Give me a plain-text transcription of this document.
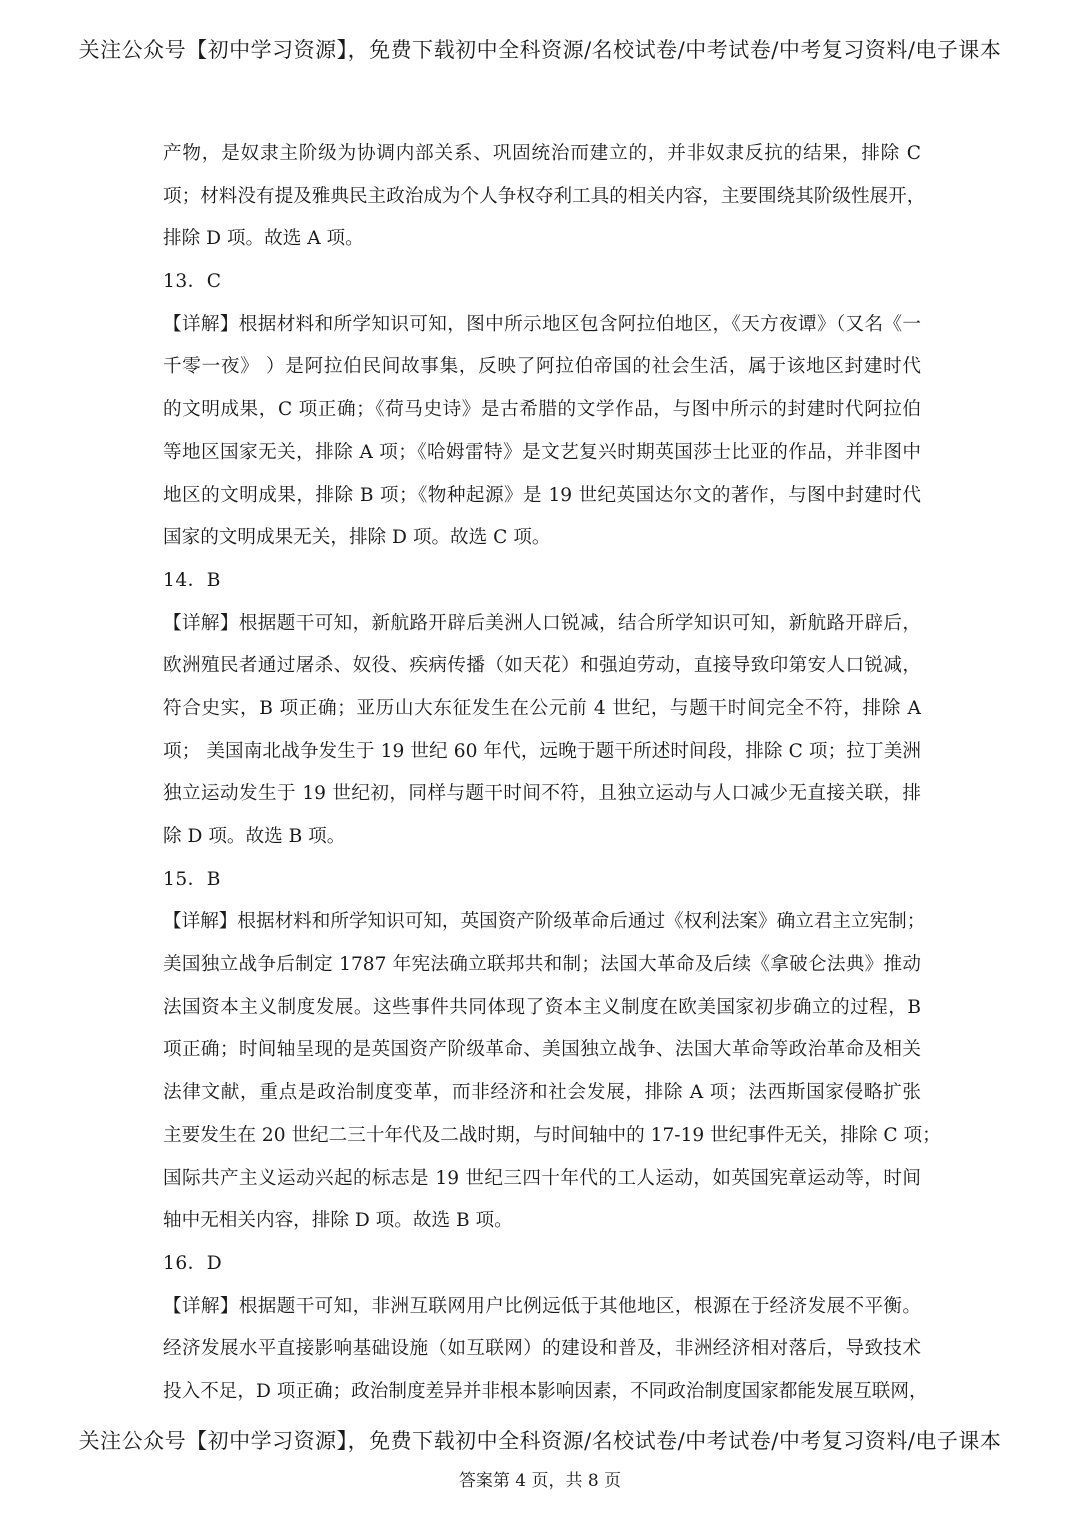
关注公众号【初中学习资源】，免费下载初中全科资源/名校试卷/中考试卷/中考复习资料/电子课本
产物，是奴隶主阶级为协调内部关系、巩固统治而建立的，并非奴隶反抗的结果，排除 C
项；材料没有提及雅典民主政治成为个人争权夺利工具的相关内容，主要围绕其阶级性展开，
排除 D 项。故选 A 项。
13．C
【详解】根据材料和所学知识可知，图中所示地区包含阿拉伯地区，《天方夜谭》（又名《一
千零一夜》 ）是阿拉伯民间故事集，反映了阿拉伯帝国的社会生活，属于该地区封建时代
的文明成果，C 项正确；《荷马史诗》是古希腊的文学作品，与图中所示的封建时代阿拉伯
等地区国家无关，排除 A 项；《哈姆雷特》是文艺复兴时期英国莎士比亚的作品，并非图中
地区的文明成果，排除 B 项；《物种起源》是 19 世纪英国达尔文的著作，与图中封建时代
国家的文明成果无关，排除 D 项。故选 C 项。
14．B
【详解】根据题干可知，新航路开辟后美洲人口锐减，结合所学知识可知，新航路开辟后，
欧洲殖民者通过屠杀、奴役、疾病传播（如天花）和强迫劳动，直接导致印第安人口锐减，
符合史实，B 项正确；亚历山大东征发生在公元前 4 世纪，与题干时间完全不符，排除 A
项； 美国南北战争发生于 19 世纪 60 年代，远晚于题干所述时间段，排除 C 项；拉丁美洲
独立运动发生于 19 世纪初，同样与题干时间不符，且独立运动与人口减少无直接关联，排
除 D 项。故选 B 项。
15．B
【详解】根据材料和所学知识可知，英国资产阶级革命后通过《权利法案》确立君主立宪制；
美国独立战争后制定 1787 年宪法确立联邦共和制；法国大革命及后续《拿破仑法典》推动
法国资本主义制度发展。这些事件共同体现了资本主义制度在欧美国家初步确立的过程，B
项正确；时间轴呈现的是英国资产阶级革命、美国独立战争、法国大革命等政治革命及相关
法律文献，重点是政治制度变革，而非经济和社会发展，排除 A 项；法西斯国家侵略扩张
主要发生在 20 世纪二三十年代及二战时期，与时间轴中的 17-19 世纪事件无关，排除 C 项；
国际共产主义运动兴起的标志是 19 世纪三四十年代的工人运动，如英国宪章运动等，时间
轴中无相关内容，排除 D 项。故选 B 项。
16．D
【详解】根据题干可知，非洲互联网用户比例远低于其他地区，根源在于经济发展不平衡。
经济发展水平直接影响基础设施（如互联网）的建设和普及，非洲经济相对落后，导致技术
投入不足，D 项正确；政治制度差异并非根本影响因素，不同政治制度国家都能发展互联网，
关注公众号【初中学习资源】，免费下载初中全科资源/名校试卷/中考试卷/中考复习资料/电子课本
答案第 4 页，共 8 页
